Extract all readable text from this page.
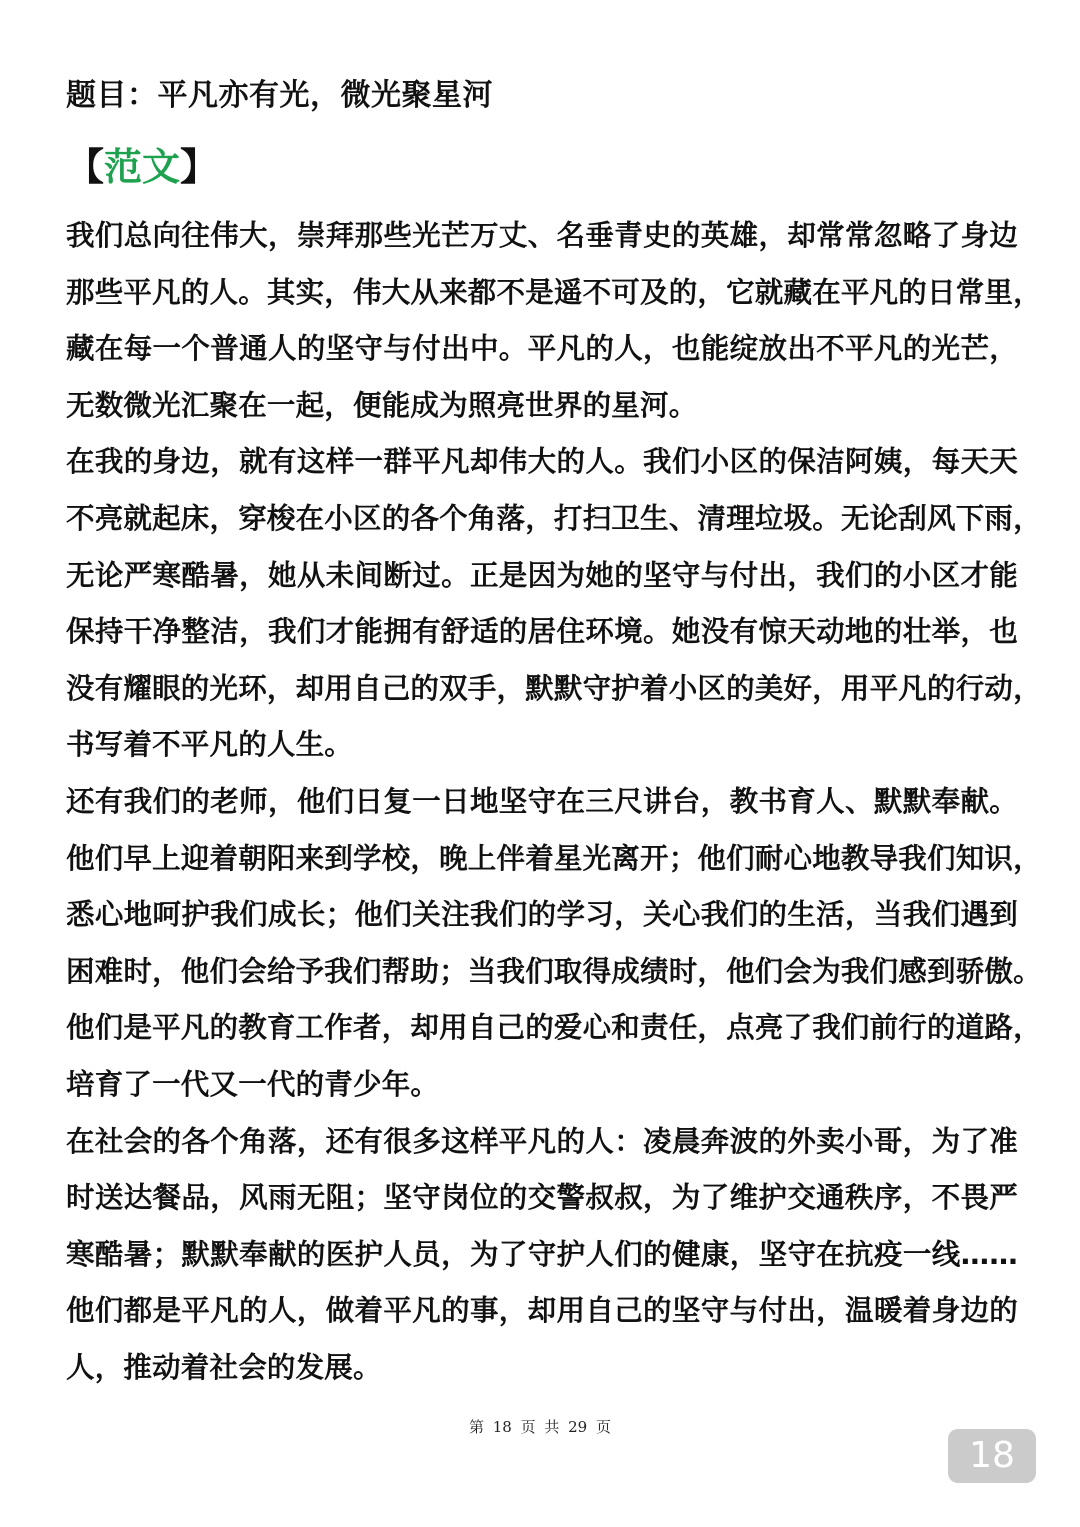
题目：平凡亦有光，微光聚星河
【范文】
我们总向往伟大，崇拜那些光芒万丈、名垂青史的英雄，却常常忽略了身边
那些平凡的人。其实，伟大从来都不是遥不可及的，它就藏在平凡的日常里，
藏在每一个普通人的坚守与付出中。平凡的人，也能绽放出不平凡的光芒，
无数微光汇聚在一起，便能成为照亮世界的星河。
在我的身边，就有这样一群平凡却伟大的人。我们小区的保洁阿姨，每天天
不亮就起床，穿梭在小区的各个角落，打扫卫生、清理垃圾。无论刮风下雨，
无论严寒酷暑，她从未间断过。正是因为她的坚守与付出，我们的小区才能
保持干净整洁，我们才能拥有舒适的居住环境。她没有惊天动地的壮举，也
没有耀眼的光环，却用自己的双手，默默守护着小区的美好，用平凡的行动，
书写着不平凡的人生。
还有我们的老师，他们日复一日地坚守在三尺讲台，教书育人、默默奉献。
他们早上迎着朝阳来到学校，晚上伴着星光离开；他们耐心地教导我们知识，
悉心地呵护我们成长；他们关注我们的学习，关心我们的生活，当我们遇到
困难时，他们会给予我们帮助；当我们取得成绩时，他们会为我们感到骄傲。
他们是平凡的教育工作者，却用自己的爱心和责任，点亮了我们前行的道路，
培育了一代又一代的青少年。
在社会的各个角落，还有很多这样平凡的人：凌晨奔波的外卖小哥，为了准
时送达餐品，风雨无阻；坚守岗位的交警叔叔，为了维护交通秩序，不畏严
寒酷暑；默默奉献的医护人员，为了守护人们的健康，坚守在抗疫一线……
他们都是平凡的人，做着平凡的事，却用自己的坚守与付出，温暖着身边的
人，推动着社会的发展。
第 18 页 共 29 页
18
